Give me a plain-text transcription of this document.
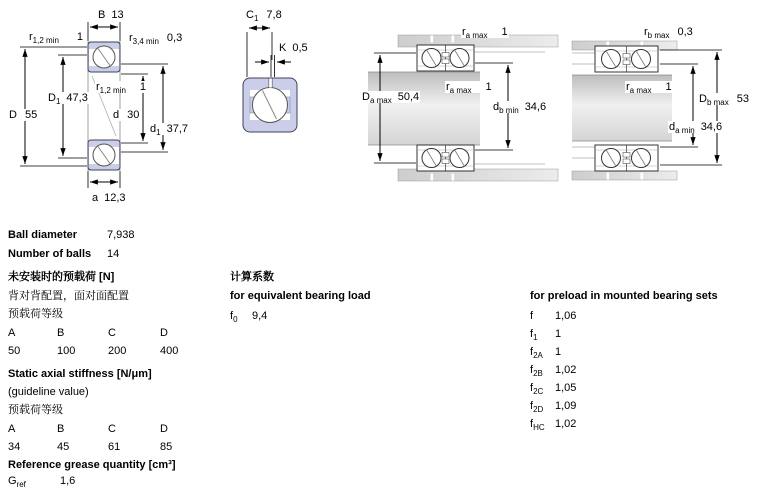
B 13
r 1,2 min 1	r 3,4 min 0,3
D 1 47,3
D 55
r 1,2 min 1
d 30
d 1 37,7
a 12,3
C 1 7,8
K 0,5
r a max 1
r a max 1
D a max 50,4
d b min 34,6
r b max 0,3
r a max 1
D b max 53
d a min 34,6
Ball diameter	7,938
Number of balls 14
未安装时的预载荷 [N]
背对背配置，面对面配置
预载荷等级
A	B	C	D
50	100	200	400
Static axial stiffness [N/μm]
(guideline value)
预载荷等级
A	B	C	D
34	45	61	85
Reference grease quantity [cm³]
G ref	1,6
计算系数
for equivalent bearing load
f 0 9,4
for preload in mounted bearing sets
f 1,06
f 1 1
f 2A 1
f 2B 1,02
f 2C 1,05
f 2D 1,09
f HC 1,02
